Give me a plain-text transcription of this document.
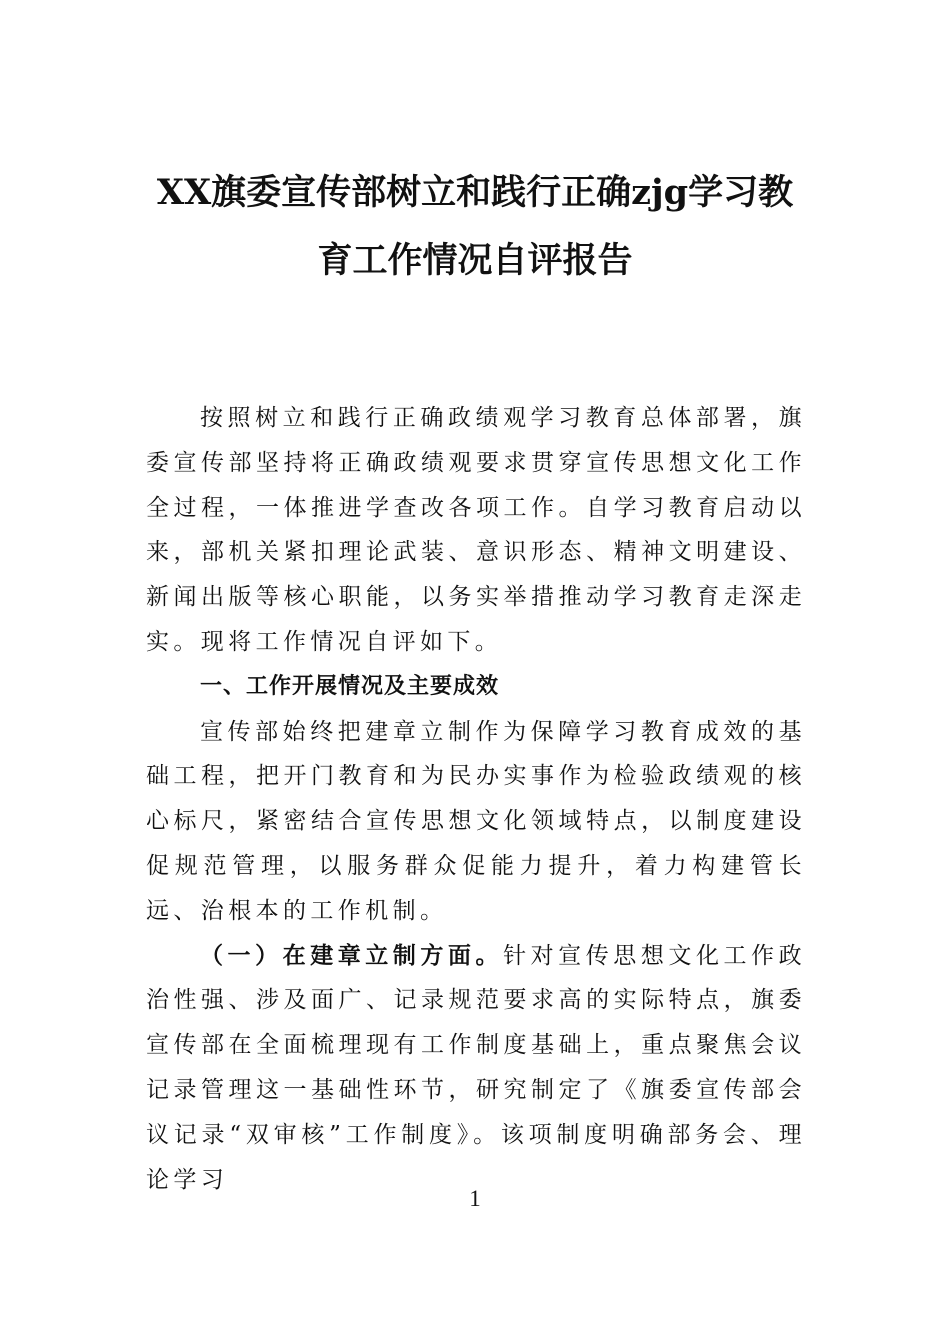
XX旗委宣传部树立和践行正确zjg学习教
育工作情况自评报告

按照树立和践行正确政绩观学习教育总体部署，旗委宣传部坚持将正确政绩观要求贯穿宣传思想文化工作全过程，一体推进学查改各项工作。自学习教育启动以来，部机关紧扣理论武装、意识形态、精神文明建设、新闻出版等核心职能，以务实举措推动学习教育走深走实。现将工作情况自评如下。

一、工作开展情况及主要成效

宣传部始终把建章立制作为保障学习教育成效的基础工程，把开门教育和为民办实事作为检验政绩观的核心标尺，紧密结合宣传思想文化领域特点，以制度建设促规范管理，以服务群众促能力提升，着力构建管长远、治根本的工作机制。

（一）在建章立制方面。针对宣传思想文化工作政治性强、涉及面广、记录规范要求高的实际特点，旗委宣传部在全面梳理现有工作制度基础上，重点聚焦会议记录管理这一基础性环节，研究制定了《旗委宣传部会议记录“双审核”工作制度》。该项制度明确部务会、理论学习

1
